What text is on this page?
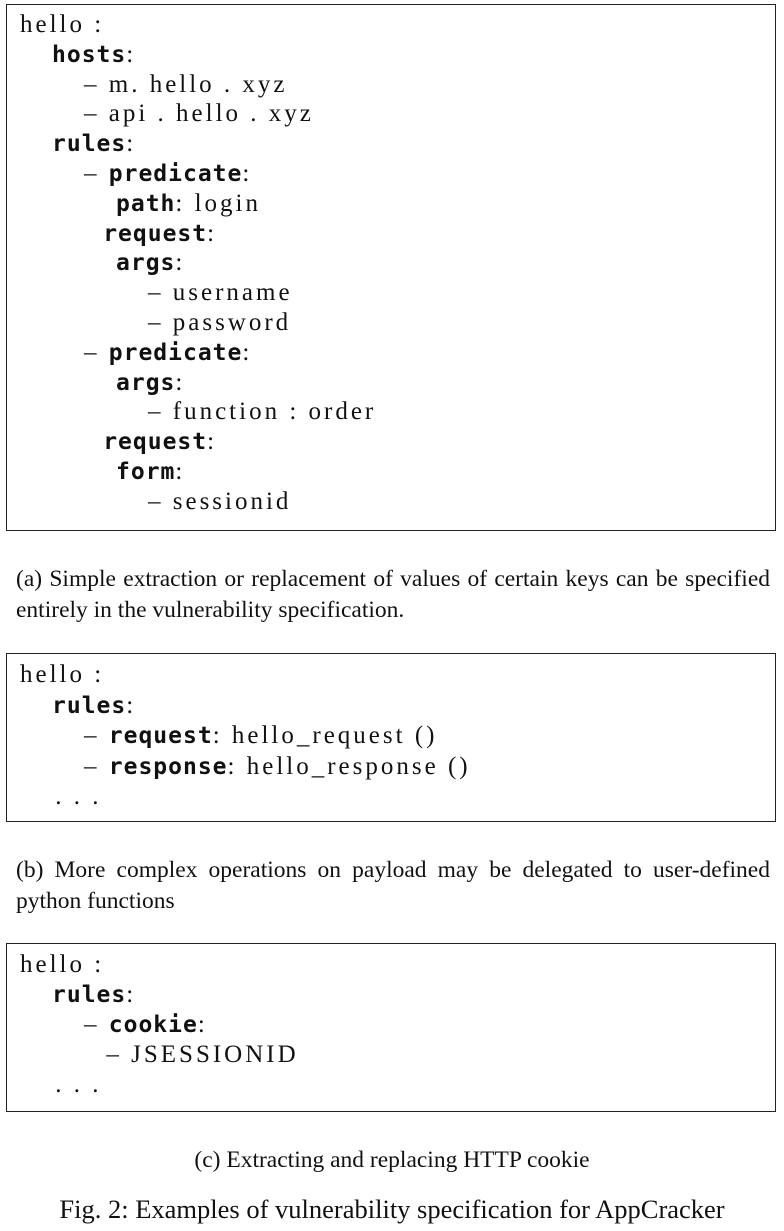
hello :
hosts:
– m. hello . xyz
– api . hello . xyz
rules:
– predicate:
path: login
request:
args:
– username
– password
– predicate:
args:
– function : order
request:
form:
– sessionid
(a) Simple extraction or replacement of values of certain keys can be specified entirely in the vulnerability specification.
hello :
rules:
– request: hello_request ()
– response: hello_response ()
. . .
(b) More complex operations on payload may be delegated to user-defined python functions
hello :
rules:
– cookie:
– JSESSIONID
. . .
(c) Extracting and replacing HTTP cookie
Fig. 2: Examples of vulnerability specification for AppCracker
